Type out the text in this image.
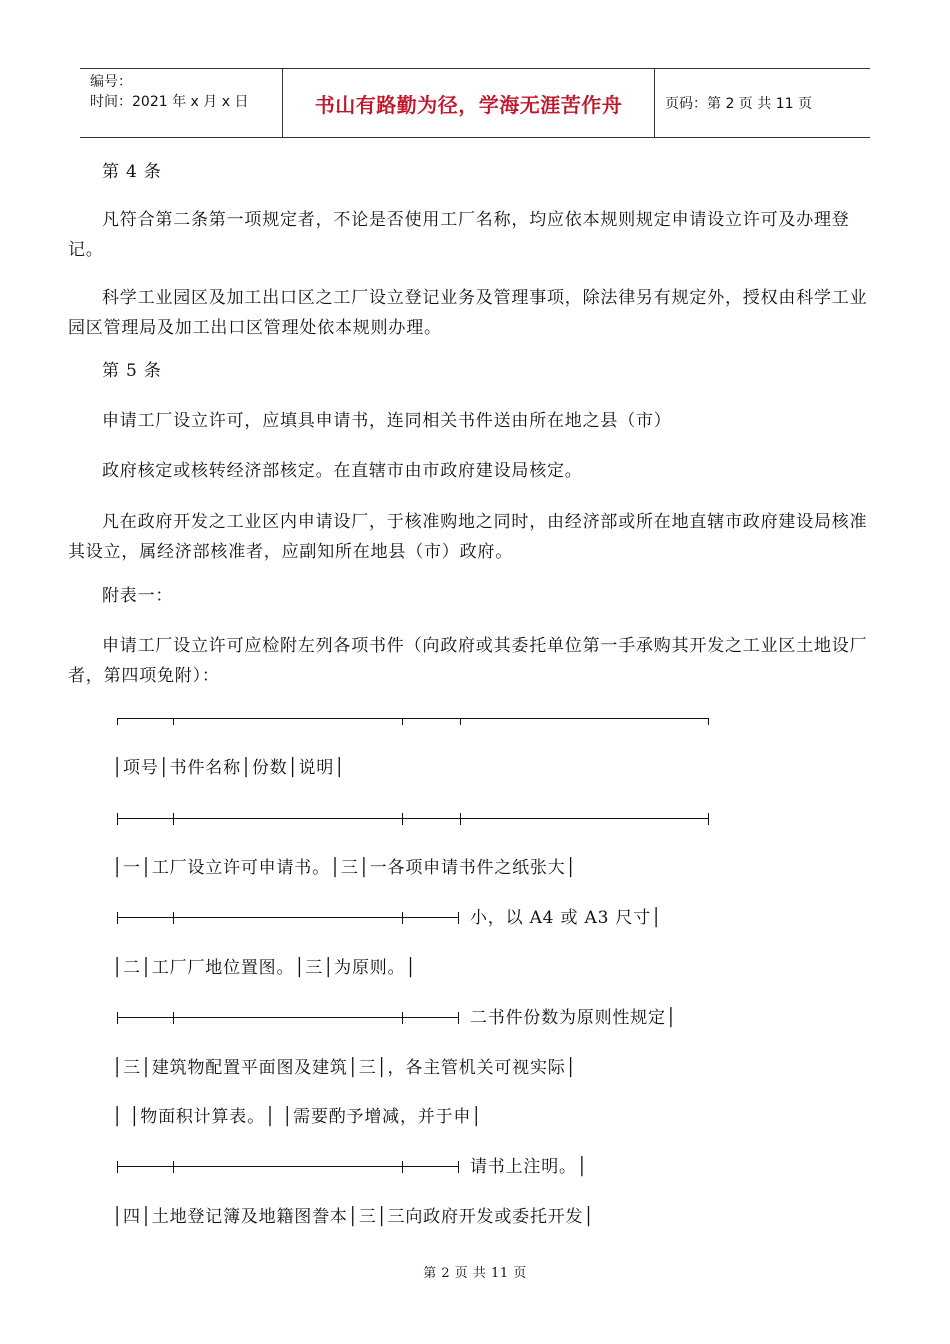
编号：
时间：2021 年 x 月 x 日	书山有路勤为径，学海无涯苦作舟	页码：第 2 页 共 11 页

第 4 条

凡符合第二条第一项规定者，不论是否使用工厂名称，均应依本规则规定申请设立许可及办理登记。

科学工业园区及加工出口区之工厂设立登记业务及管理事项，除法律另有规定外，授权由科学工业园区管理局及加工出口区管理处依本规则办理。

第 5 条

申请工厂设立许可，应填具申请书，连同相关书件送由所在地之县（市）

政府核定或核转经济部核定。在直辖市由市政府建设局核定。

凡在政府开发之工业区内申请设厂，于核准购地之同时，由经济部或所在地直辖市政府建设局核准其设立，属经济部核准者，应副知所在地县（市）政府。

附表一：

申请工厂设立许可应检附左列各项书件（向政府或其委托单位第一手承购其开发之工业区土地设厂者，第四项免附）：

│项号│书件名称│份数│说明│

│一│工厂设立许可申请书。│三│一各项申请书件之纸张大│

小，以 A4 或 A3 尺寸│

│二│工厂厂地位置图。│三│为原则。│

二书件份数为原则性规定│

│三│建筑物配置平面图及建筑│三│，各主管机关可视实际│

│ │物面积计算表。│ │需要酌予增减，并于申│

请书上注明。│

│四│土地登记簿及地籍图誊本│三│三向政府开发或委托开发│

第 2 页 共 11 页
